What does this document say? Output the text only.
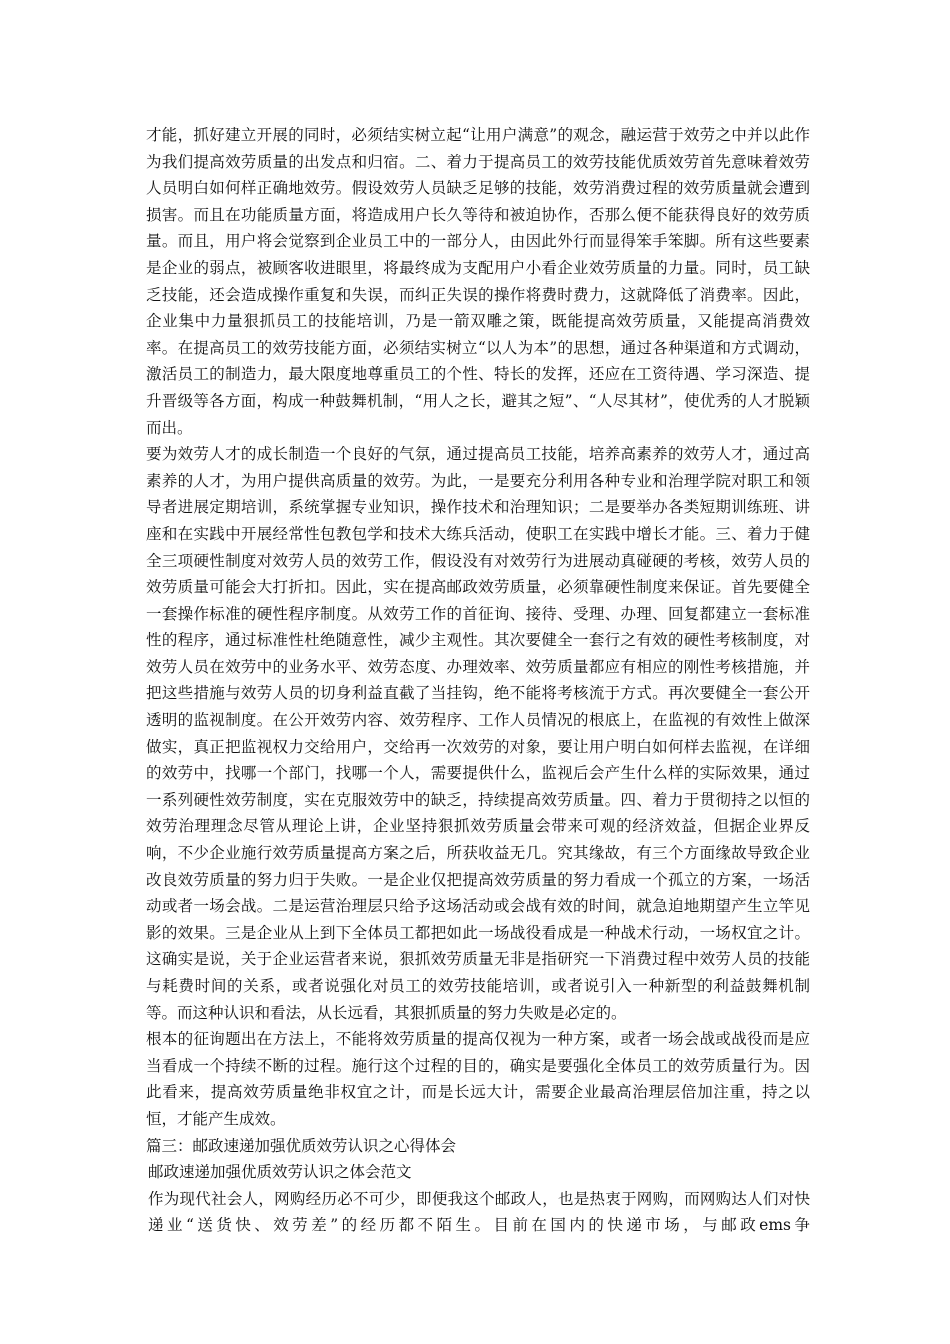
才能，抓好建立开展的同时，必须结实树立起“让用户满意”的观念，融运营于效劳之中并以此作为我们提高效劳质量的出发点和归宿。二、着力于提高员工的效劳技能优质效劳首先意味着效劳人员明白如何样正确地效劳。假设效劳人员缺乏足够的技能，效劳消费过程的效劳质量就会遭到损害。而且在功能质量方面，将造成用户长久等待和被迫协作，否那么便不能获得良好的效劳质量。而且，用户将会觉察到企业员工中的一部分人，由因此外行而显得笨手笨脚。所有这些要素是企业的弱点，被顾客收进眼里，将最终成为支配用户小看企业效劳质量的力量。同时，员工缺乏技能，还会造成操作重复和失误，而纠正失误的操作将费时费力，这就降低了消费率。因此，企业集中力量狠抓员工的技能培训，乃是一箭双雕之策，既能提高效劳质量，又能提高消费效率。在提高员工的效劳技能方面，必须结实树立“以人为本”的思想，通过各种渠道和方式调动，激活员工的制造力，最大限度地尊重员工的个性、特长的发挥，还应在工资待遇、学习深造、提升晋级等各方面，构成一种鼓舞机制，“用人之长，避其之短”、“人尽其材”，使优秀的人才脱颖而出。

要为效劳人才的成长制造一个良好的气氛，通过提高员工技能，培养高素养的效劳人才，通过高素养的人才，为用户提供高质量的效劳。为此，一是要充分利用各种专业和治理学院对职工和领导者进展定期培训，系统掌握专业知识，操作技术和治理知识；二是要举办各类短期训练班、讲座和在实践中开展经常性包教包学和技术大练兵活动，使职工在实践中增长才能。三、着力于健全三项硬性制度对效劳人员的效劳工作，假设没有对效劳行为进展动真碰硬的考核，效劳人员的效劳质量可能会大打折扣。因此，实在提高邮政效劳质量，必须靠硬性制度来保证。首先要健全一套操作标准的硬性程序制度。从效劳工作的首征询、接待、受理、办理、回复都建立一套标准性的程序，通过标准性杜绝随意性，减少主观性。其次要健全一套行之有效的硬性考核制度，对效劳人员在效劳中的业务水平、效劳态度、办理效率、效劳质量都应有相应的刚性考核措施，并把这些措施与效劳人员的切身利益直截了当挂钩，绝不能将考核流于方式。再次要健全一套公开透明的监视制度。在公开效劳内容、效劳程序、工作人员情况的根底上，在监视的有效性上做深做实，真正把监视权力交给用户，交给再一次效劳的对象，要让用户明白如何样去监视，在详细的效劳中，找哪一个部门，找哪一个人，需要提供什么，监视后会产生什么样的实际效果，通过一系列硬性效劳制度，实在克服效劳中的缺乏，持续提高效劳质量。四、着力于贯彻持之以恒的效劳治理理念尽管从理论上讲，企业坚持狠抓效劳质量会带来可观的经济效益，但据企业界反响，不少企业施行效劳质量提高方案之后，所获收益无几。究其缘故，有三个方面缘故导致企业改良效劳质量的努力归于失败。一是企业仅把提高效劳质量的努力看成一个孤立的方案，一场活动或者一场会战。二是运营治理层只给予这场活动或会战有效的时间，就急迫地期望产生立竿见影的效果。三是企业从上到下全体员工都把如此一场战役看成是一种战术行动，一场权宜之计。这确实是说，关于企业运营者来说，狠抓效劳质量无非是指研究一下消费过程中效劳人员的技能与耗费时间的关系，或者说强化对员工的效劳技能培训，或者说引入一种新型的利益鼓舞机制等。而这种认识和看法，从长远看，其狠抓质量的努力失败是必定的。

根本的征询题出在方法上，不能将效劳质量的提高仅视为一种方案，或者一场会战或战役而是应当看成一个持续不断的过程。施行这个过程的目的，确实是要强化全体员工的效劳质量行为。因此看来，提高效劳质量绝非权宜之计，而是长远大计，需要企业最高治理层倍加注重，持之以恒，才能产生成效。

篇三：邮政速递加强优质效劳认识之心得体会

邮政速递加强优质效劳认识之体会范文

作为现代社会人，网购经历必不可少，即便我这个邮政人，也是热衷于网购，而网购达人们对快递业“送货快、效劳差”的经历都不陌生。目前在国内的快递市场，与邮政ems争
